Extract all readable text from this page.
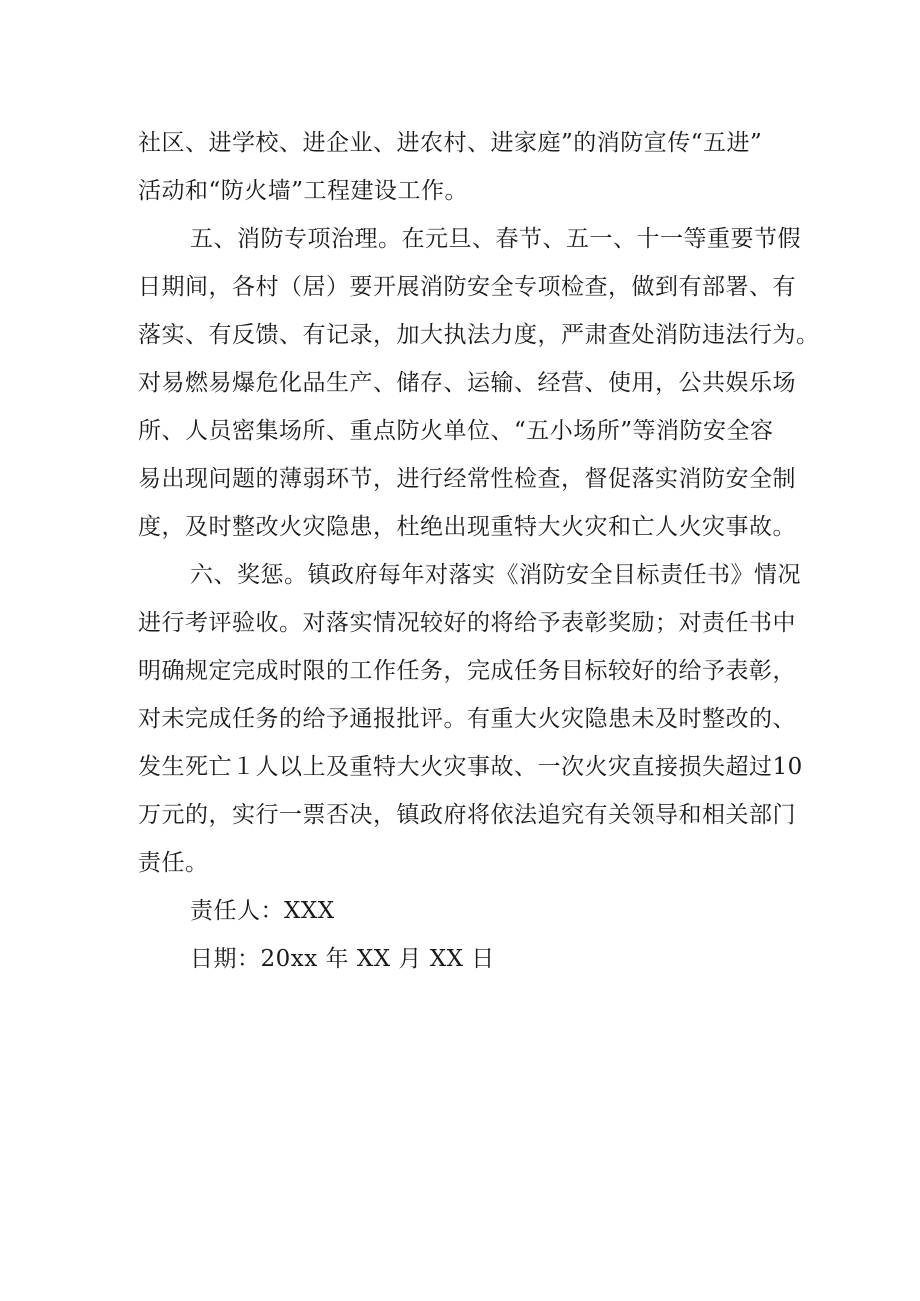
社区、进学校、进企业、进农村、进家庭”的消防宣传“五进”
活动和“防火墙”工程建设工作。
五、消防专项治理。在元旦、春节、五一、十一等重要节假
日期间，各村（居）要开展消防安全专项检查，做到有部署、有
落实、有反馈、有记录，加大执法力度，严肃查处消防违法行为。
对易燃易爆危化品生产、储存、运输、经营、使用，公共娱乐场
所、人员密集场所、重点防火单位、“五小场所”等消防安全容
易出现问题的薄弱环节，进行经常性检查，督促落实消防安全制
度，及时整改火灾隐患，杜绝出现重特大火灾和亡人火灾事故。
六、奖惩。镇政府每年对落实《消防安全目标责任书》情况
进行考评验收。对落实情况较好的将给予表彰奖励；对责任书中
明确规定完成时限的工作任务，完成任务目标较好的给予表彰，
对未完成任务的给予通报批评。有重大火灾隐患未及时整改的、
发生死亡１人以上及重特大火灾事故、一次火灾直接损失超过10
万元的，实行一票否决，镇政府将依法追究有关领导和相关部门
责任。
责任人：XXX
日期：20xx 年 XX 月 XX 日
